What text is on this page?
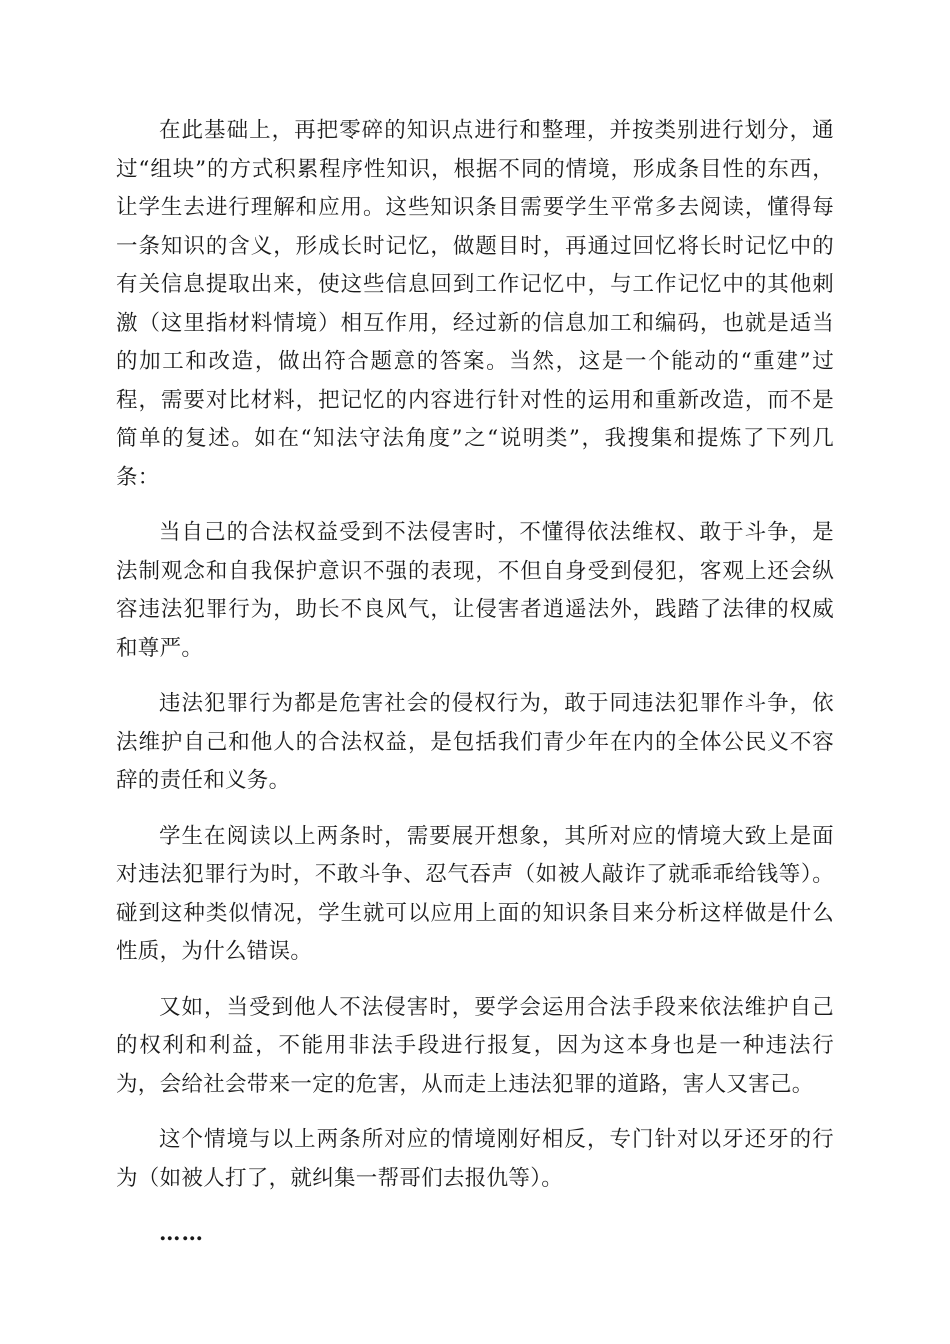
在此基础上，再把零碎的知识点进行和整理，并按类别进行划分，通过“组块”的方式积累程序性知识，根据不同的情境，形成条目性的东西，让学生去进行理解和应用。这些知识条目需要学生平常多去阅读，懂得每一条知识的含义，形成长时记忆，做题目时，再通过回忆将长时记忆中的有关信息提取出来，使这些信息回到工作记忆中，与工作记忆中的其他刺激（这里指材料情境）相互作用，经过新的信息加工和编码，也就是适当的加工和改造，做出符合题意的答案。当然，这是一个能动的“重建”过程，需要对比材料，把记忆的内容进行针对性的运用和重新改造，而不是简单的复述。如在“知法守法角度”之“说明类”，我搜集和提炼了下列几条：

当自己的合法权益受到不法侵害时，不懂得依法维权、敢于斗争，是法制观念和自我保护意识不强的表现，不但自身受到侵犯，客观上还会纵容违法犯罪行为，助长不良风气，让侵害者逍遥法外，践踏了法律的权威和尊严。

违法犯罪行为都是危害社会的侵权行为，敢于同违法犯罪作斗争，依法维护自己和他人的合法权益，是包括我们青少年在内的全体公民义不容辞的责任和义务。

学生在阅读以上两条时，需要展开想象，其所对应的情境大致上是面对违法犯罪行为时，不敢斗争、忍气吞声（如被人敲诈了就乖乖给钱等）。碰到这种类似情况，学生就可以应用上面的知识条目来分析这样做是什么性质，为什么错误。

又如，当受到他人不法侵害时，要学会运用合法手段来依法维护自己的权利和利益，不能用非法手段进行报复，因为这本身也是一种违法行为，会给社会带来一定的危害，从而走上违法犯罪的道路，害人又害己。

这个情境与以上两条所对应的情境刚好相反，专门针对以牙还牙的行为（如被人打了，就纠集一帮哥们去报仇等）。

……
